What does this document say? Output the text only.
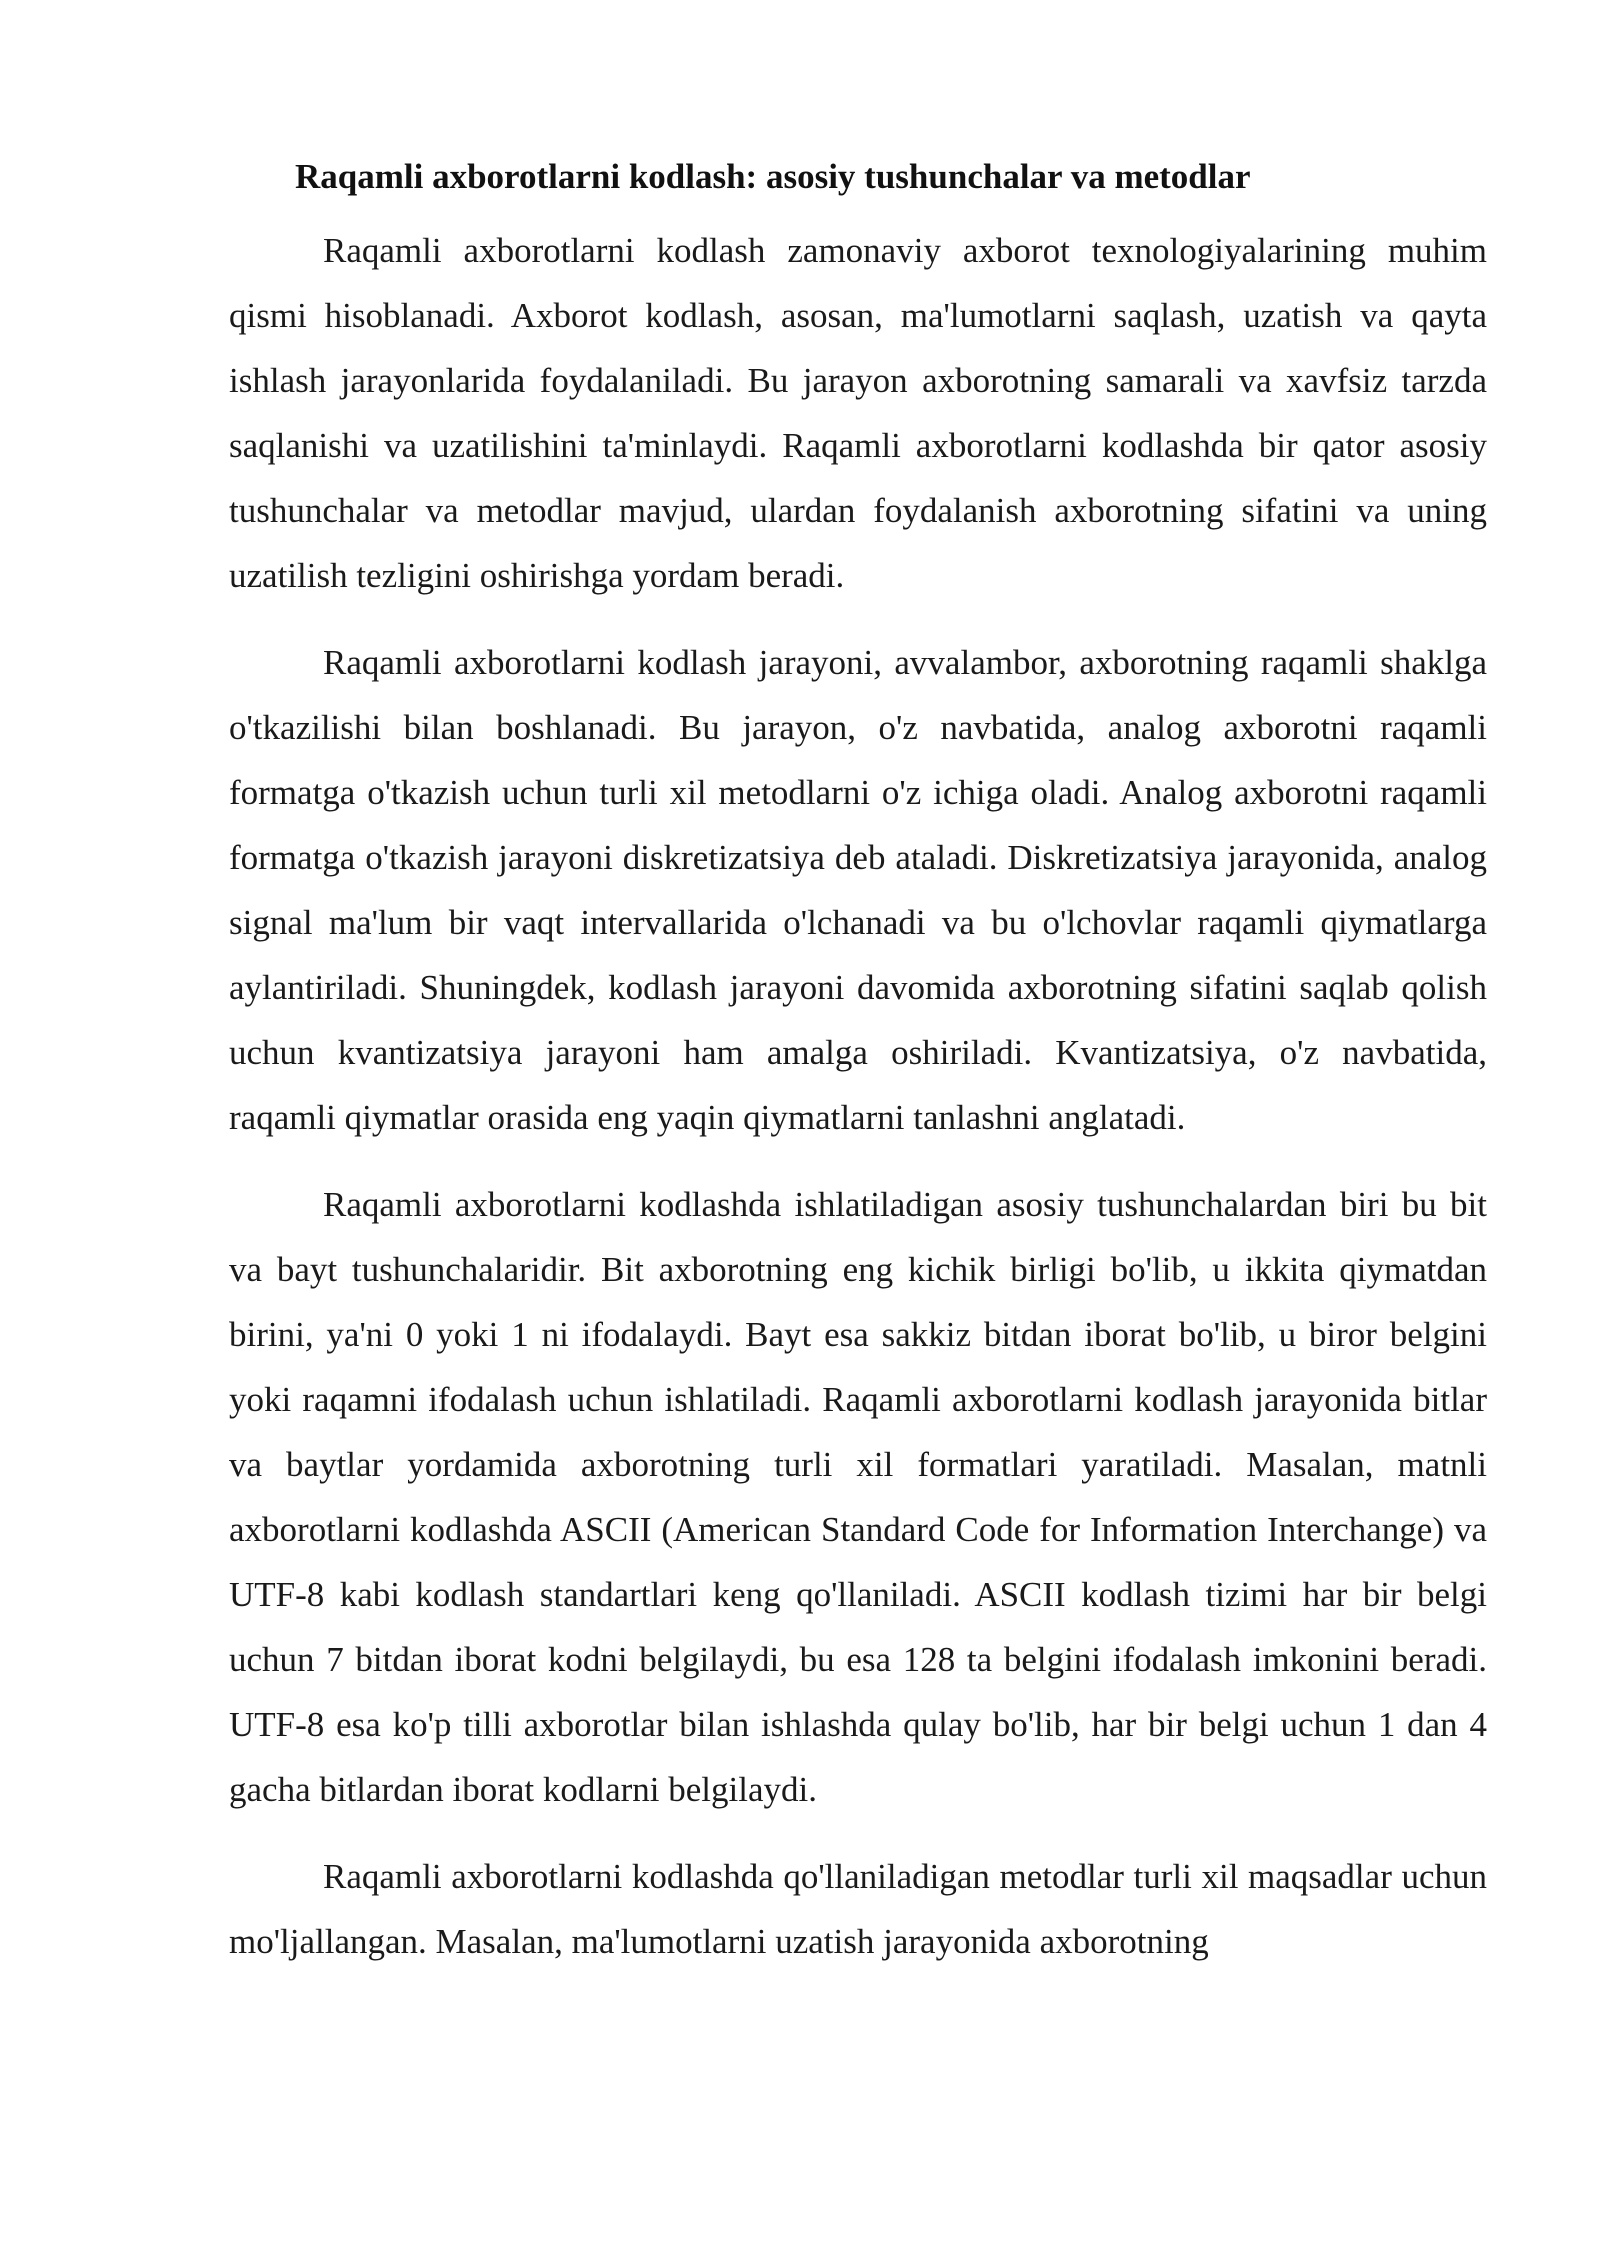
Raqamli axborotlarni kodlash: asosiy tushunchalar va metodlar

Raqamli axborotlarni kodlash zamonaviy axborot texnologiyalarining muhim qismi hisoblanadi. Axborot kodlash, asosan, ma'lumotlarni saqlash, uzatish va qayta ishlash jarayonlarida foydalaniladi. Bu jarayon axborotning samarali va xavfsiz tarzda saqlanishi va uzatilishini ta'minlaydi. Raqamli axborotlarni kodlashda bir qator asosiy tushunchalar va metodlar mavjud, ulardan foydalanish axborotning sifatini va uning uzatilish tezligini oshirishga yordam beradi.

Raqamli axborotlarni kodlash jarayoni, avvalambor, axborotning raqamli shaklga o'tkazilishi bilan boshlanadi. Bu jarayon, o'z navbatida, analog axborotni raqamli formatga o'tkazish uchun turli xil metodlarni o'z ichiga oladi. Analog axborotni raqamli formatga o'tkazish jarayoni diskretizatsiya deb ataladi. Diskretizatsiya jarayonida, analog signal ma'lum bir vaqt intervallarida o'lchanadi va bu o'lchovlar raqamli qiymatlarga aylantiriladi. Shuningdek, kodlash jarayoni davomida axborotning sifatini saqlab qolish uchun kvantizatsiya jarayoni ham amalga oshiriladi. Kvantizatsiya, o'z navbatida, raqamli qiymatlar orasida eng yaqin qiymatlarni tanlashni anglatadi.

Raqamli axborotlarni kodlashda ishlatiladigan asosiy tushunchalardan biri bu bit va bayt tushunchalaridir. Bit axborotning eng kichik birligi bo'lib, u ikkita qiymatdan birini, ya'ni 0 yoki 1 ni ifodalaydi. Bayt esa sakkiz bitdan iborat bo'lib, u biror belgini yoki raqamni ifodalash uchun ishlatiladi. Raqamli axborotlarni kodlash jarayonida bitlar va baytlar yordamida axborotning turli xil formatlari yaratiladi. Masalan, matnli axborotlarni kodlashda ASCII (American Standard Code for Information Interchange) va UTF-8 kabi kodlash standartlari keng qo'llaniladi. ASCII kodlash tizimi har bir belgi uchun 7 bitdan iborat kodni belgilaydi, bu esa 128 ta belgini ifodalash imkonini beradi. UTF-8 esa ko'p tilli axborotlar bilan ishlashda qulay bo'lib, har bir belgi uchun 1 dan 4 gacha bitlardan iborat kodlarni belgilaydi.

Raqamli axborotlarni kodlashda qo'llaniladigan metodlar turli xil maqsadlar uchun mo'ljallangan. Masalan, ma'lumotlarni uzatish jarayonida axborotning
